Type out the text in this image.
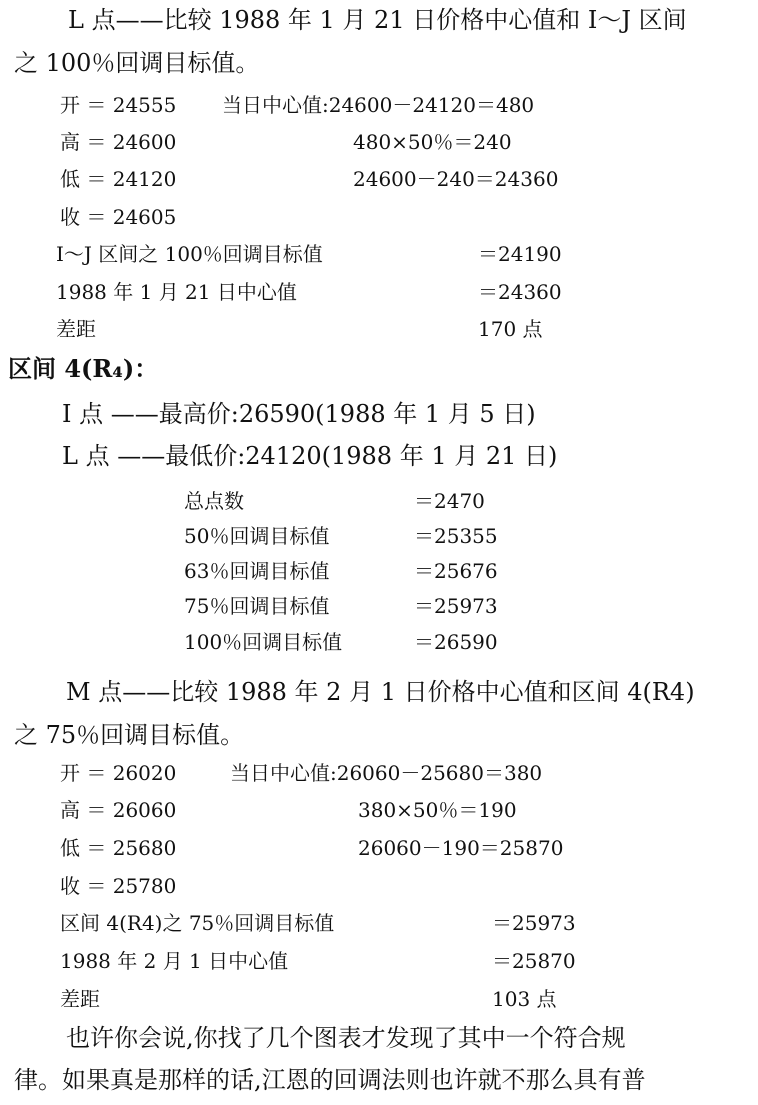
L 点——比较 1988 年 1 月 21 日价格中心值和 I～J 区间
之 100％回调目标值。
开 ＝ 24555 当日中心值:24600－24120＝480
高 ＝ 24600	480×50％＝240
低 ＝ 24120	24600－240＝24360
收 ＝ 24605
I～J 区间之 100％回调目标值	＝24190
1988 年 1 月 21 日中心值	＝24360
差距	170 点
区间 4(R₄)：
I 点 ——最高价:26590(1988 年 1 月 5 日)
L 点 ——最低价:24120(1988 年 1 月 21 日)
总点数	＝2470
50％回调目标值	＝25355
63％回调目标值	＝25676
75％回调目标值	＝25973
100％回调目标值	＝26590
M 点——比较 1988 年 2 月 1 日价格中心值和区间 4(R4)
之 75％回调目标值。
开 ＝ 26020	当日中心值:26060－25680＝380
高 ＝ 26060	380×50％＝190
低 ＝ 25680	26060－190＝25870
收 ＝ 25780
区间 4(R4)之 75％回调目标值	＝25973
1988 年 2 月 1 日中心值	＝25870
差距	103 点
也许你会说,你找了几个图表才发现了其中一个符合规
律。如果真是那样的话,江恩的回调法则也许就不那么具有普
